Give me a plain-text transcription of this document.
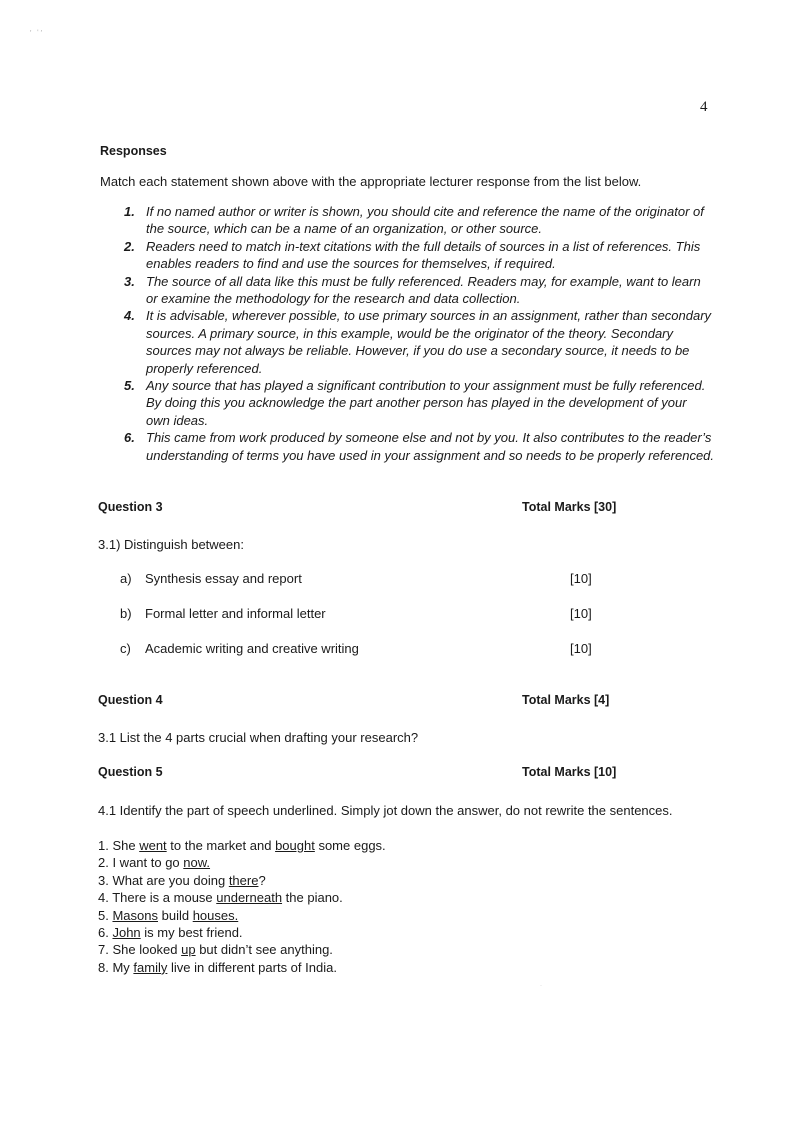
′   ʻ ′
4
Responses
Match each statement shown above with the appropriate lecturer response from the list below.
1. If no named author or writer is shown, you should cite and reference the name of the originator of the source, which can be a name of an organization, or other source.
2. Readers need to match in-text citations with the full details of sources in a list of references. This enables readers to find and use the sources for themselves, if required.
3. The source of all data like this must be fully referenced. Readers may, for example, want to learn or examine the methodology for the research and data collection.
4. It is advisable, wherever possible, to use primary sources in an assignment, rather than secondary sources. A primary source, in this example, would be the originator of the theory. Secondary sources may not always be reliable. However, if you do use a secondary source, it needs to be properly referenced.
5. Any source that has played a significant contribution to your assignment must be fully referenced. By doing this you acknowledge the part another person has played in the development of your own ideas.
6. This came from work produced by someone else and not by you. It also contributes to the reader’s understanding of terms you have used in your assignment and so needs to be properly referenced.
Question 3	Total Marks [30]
3.1) Distinguish between:
a) Synthesis essay and report	[10]
b) Formal letter and informal letter	[10]
c) Academic writing and creative writing	[10]
Question 4	Total Marks [4]
3.1 List the 4 parts crucial when drafting your research?
Question 5	Total Marks [10]
4.1 Identify the part of speech underlined. Simply jot down the answer, do not rewrite the sentences.
1. She went to the market and bought some eggs.
2. I want to go now.
3. What are you doing there?
4. There is a mouse underneath the piano.
5. Masons build houses.
6. John is my best friend.
7. She looked up but didn’t see anything.
8. My family live in different parts of India.
·
